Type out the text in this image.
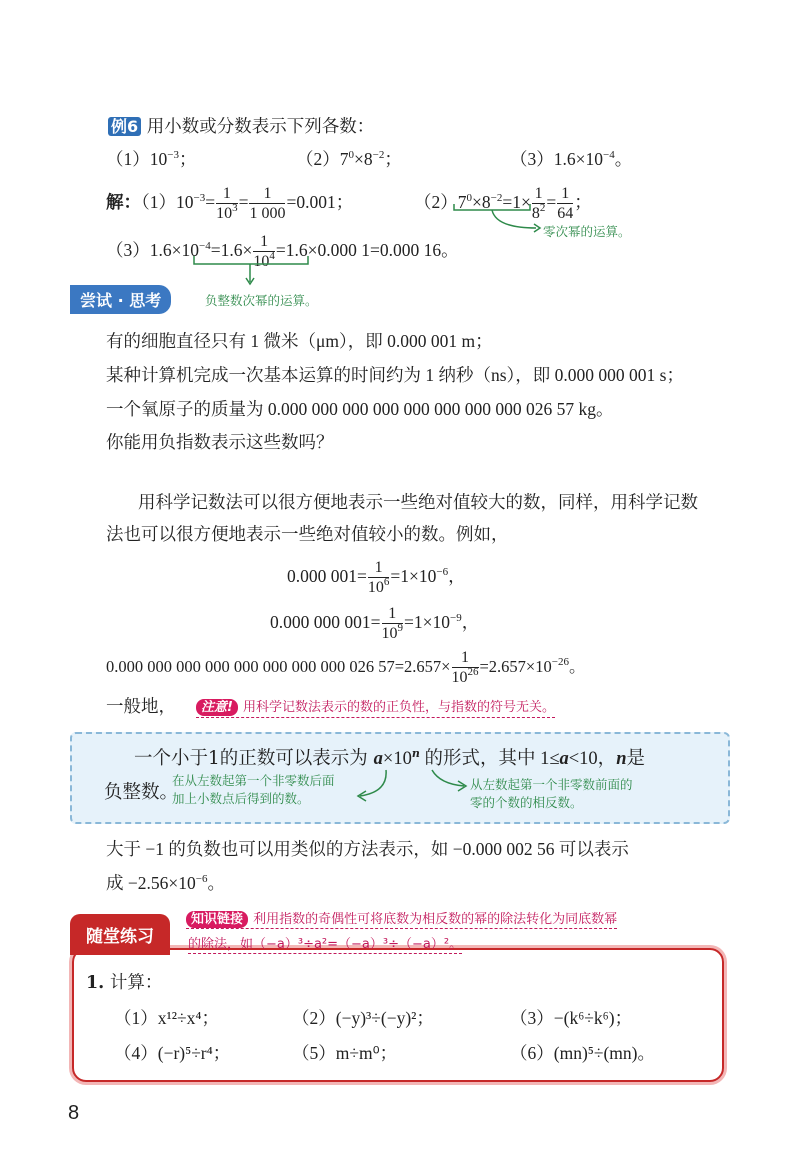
例6 用小数或分数表示下列各数：
$(1)10^{-3}$；	$(2)7^0\times 8^{-2}$；	$(3)1.6\times 10^{-4}$。
解：$(1)10^{-3}= \frac{1}{10^3} = \frac{1}{1 000} =0.001$；	$(2)7^0\times 8^{-2}=1\times \frac{1}{8^2} = \frac{1}{64}$ ；
零次幂的运算。
$(3)1.6\times 10^{-4}=1.6\times \frac{1}{10^4} =1.6\times 0.000$ 1=0.000 16。
尝试 · 思考	负整数次幂的运算。
有的细胞直径只有 1 微米（μm），即 0.000 001 m；
某种计算机完成一次基本运算的时间约为 1 纳秒（ns），即 0.000 000 001 s；
一个氧原子的质量为 0.000 000 000 000 000 000 000 000 026 57 kg。
你能用负指数表示这些数吗？
用科学记数法可以很方便地表示一些绝对值较大的数，同样，用科学记数
法也可以很方便地表示一些绝对值较小的数。例如，
0.000 $001= \frac{1}{10^6} =1\times 10^{-6}$，
0.000 000 $001= \frac{1}{10^9} =1\times 10^{-9}$，
0.000 000 000 000 000 000 000 000 026 $57=2.657\times \frac{1}{10^{26}} =2.657\times 10^{-26}$。
一般地，	注意! 用科学记数法表示的数的正负性，与指数的符号无关。
一个小于1的正数可以表示为 $a\times 10^n$ 的形式，其中 1≤a<10，n是
负整数。
在从左数起第一个非零数后面
加上小数点后得到的数。
从左数起第一个非零数前面的
零的个数的相反数。
大于 −1 的负数也可以用类似的方法表示，如 −0.000 002 56 可以表示
成 $-2.56\times 10^{-6}$。
随堂练习
知识链接 利用指数的奇偶性可将底数为相反数的幂的除法转化为同底数幂
的除法，如（−a）³÷a²=（−a）³÷（−a）²。
1. 计算：
（1）x¹²÷x⁴；	（2）(−y)³÷(−y)²；	（3）−(k⁶÷k⁶)；
（4）(−r)⁵÷r⁴；	（5）m÷m⁰；	（6）(mn)⁵÷(mn)。
8
